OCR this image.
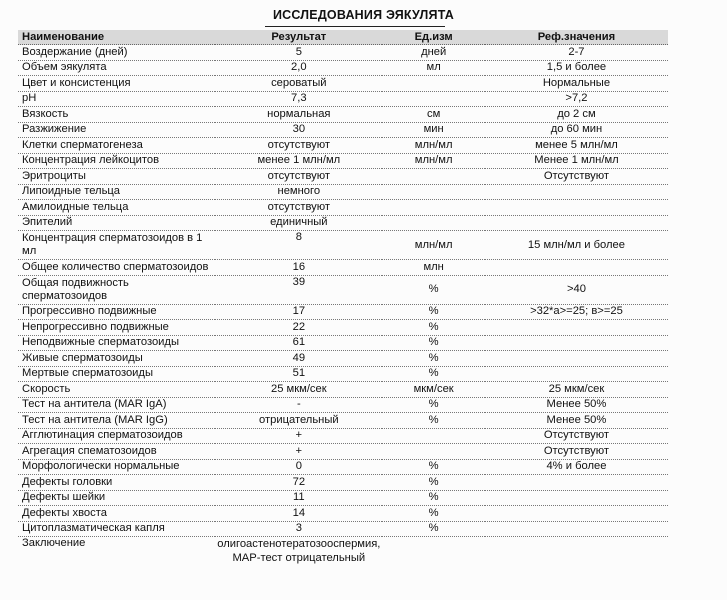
ИССЛЕДОВАНИЯ ЭЯКУЛЯТА
Наименование	Результат	Ед.изм	Реф.значения
Воздержание (дней)	5	дней	2-7
Объем эякулята	2,0	мл	1,5 и более
Цвет и консистенция	сероватый		Нормальные
pH	7,3		>7,2
Вязкость	нормальная	см	до 2 см
Разжижение	30	мин	до 60 мин
Клетки сперматогенеза	отсутствуют	млн/мл	менее 5 млн/мл
Концентрация лейкоцитов	менее 1 млн/мл	млн/мл	Менее 1 млн/мл
Эритроциты	отсутствуют		Отсутствуют
Липоидные тельца	немного		
Амилоидные тельца	отсутствуют		
Эпителий	единичный		
Концентрация сперматозоидов в 1 мл	8	млн/мл	15 млн/мл и более
Общее количество сперматозоидов	16	млн	
Общая подвижность сперматозоидов	39	%	>40
Прогрессивно подвижные	17	%	>32*а>=25; в>=25
Непрогрессивно подвижные	22	%	
Неподвижные сперматозоиды	61	%	
Живые сперматозоиды	49	%	
Мертвые сперматозоиды	51	%	
Скорость	25 мкм/сек	мкм/сек	25 мкм/сек
Тест на антитела (MAR IgA)	-	%	Менее 50%
Тест на антитела (MAR IgG)	отрицательный	%	Менее 50%
Агглютинация сперматозоидов	+		Отсутствуют
Агрегация спематозоидов	+		Отсутствуют
Морфологически нормальные	0	%	4% и более
Дефекты головки	72	%	
Дефекты шейки	11	%	
Дефекты хвоста	14	%	
Цитоплазматическая капля	3	%	
Заключение	олигоастенотератозооспермия, МАР-тест отрицательный		
